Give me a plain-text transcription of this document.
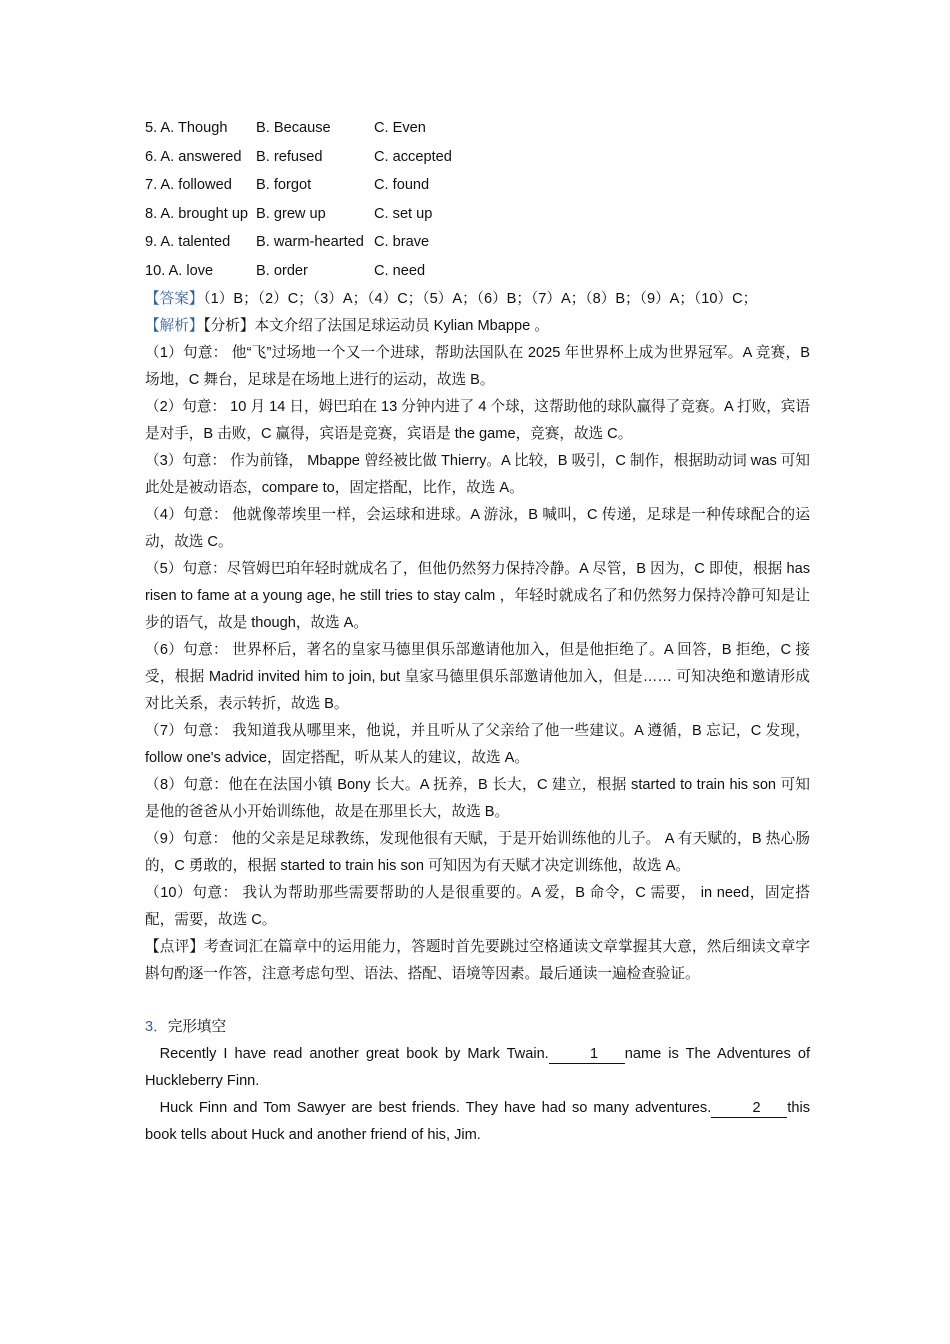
5. A. Though	B. Because	C. Even
6. A. answered B. refused	C. accepted
7. A. followed	B. forgot	C. found
8. A. brought up B. grew up	C. set up
9. A. talented	B. warm-hearted C. brave
10. A. love	B. order	C. need

【答案】（1）B；（2）C；（3）A；（4）C；（5）A；（6）B；（7）A；（8）B；（9）A；（10）C；

【解析】【分析】本文介绍了法国足球运动员 Kylian Mbappe 。

（1）句意： 他“飞”过场地一个又一个进球，帮助法国队在 2025 年世界杯上成为世界冠军。A 竞赛，B 场地，C 舞台，足球是在场地上进行的运动，故选 B。

（2）句意： 10 月 14 日，姆巴珀在 13 分钟内进了 4 个球，这帮助他的球队赢得了竞赛。A 打败，宾语是对手，B 击败，C 赢得，宾语是竞赛，宾语是 the game，竞赛，故选 C。

（3）句意： 作为前锋， Mbappe 曾经被比做 Thierry。A 比较，B 吸引，C 制作，根据助动词 was 可知此处是被动语态，compare to，固定搭配，比作，故选 A。

（4）句意： 他就像蒂埃里一样，会运球和进球。A 游泳，B 喊叫，C 传递，足球是一种传球配合的运动，故选 C。

（5）句意：尽管姆巴珀年轻时就成名了，但他仍然努力保持冷静。A 尽管，B 因为，C 即使，根据 has risen to fame at a young age, he still tries to stay calm ，年轻时就成名了和仍然努力保持冷静可知是让步的语气，故是 though，故选 A。

（6）句意： 世界杯后，著名的皇家马德里俱乐部邀请他加入，但是他拒绝了。A 回答，B 拒绝，C 接受，根据 Madrid invited him to join, but 皇家马德里俱乐部邀请他加入，但是…… 可知决绝和邀请形成对比关系，表示转折，故选 B。

（7）句意： 我知道我从哪里来，他说，并且听从了父亲给了他一些建议。A 遵循，B 忘记，C 发现，follow one's advice，固定搭配，听从某人的建议，故选 A。

（8）句意：他在在法国小镇 Bony 长大。A 抚养，B 长大，C 建立，根据 started to train his son 可知是他的爸爸从小开始训练他，故是在那里长大，故选 B。

（9）句意： 他的父亲是足球教练，发现他很有天赋，于是开始训练他的儿子。 A 有天赋的，B 热心肠的，C 勇敢的，根据 started to train his son 可知因为有天赋才决定训练他，故选 A。

（10）句意： 我认为帮助那些需要帮助的人是很重要的。A 爱，B 命令，C 需要， in need，固定搭配，需要，故选 C。

【点评】考查词汇在篇章中的运用能力，答题时首先要跳过空格通读文章掌握其大意，然后细读文章字斟句酌逐一作答，注意考虑句型、语法、搭配、语境等因素。最后通读一遍检查验证。

3．完形填空

Recently I have read another great book by Mark Twain.	1 name is The Adventures of Huckleberry Finn.

Huck Finn and Tom Sawyer are best friends. They have had so many adventures.	2 this book tells about Huck and another friend of his, Jim.
